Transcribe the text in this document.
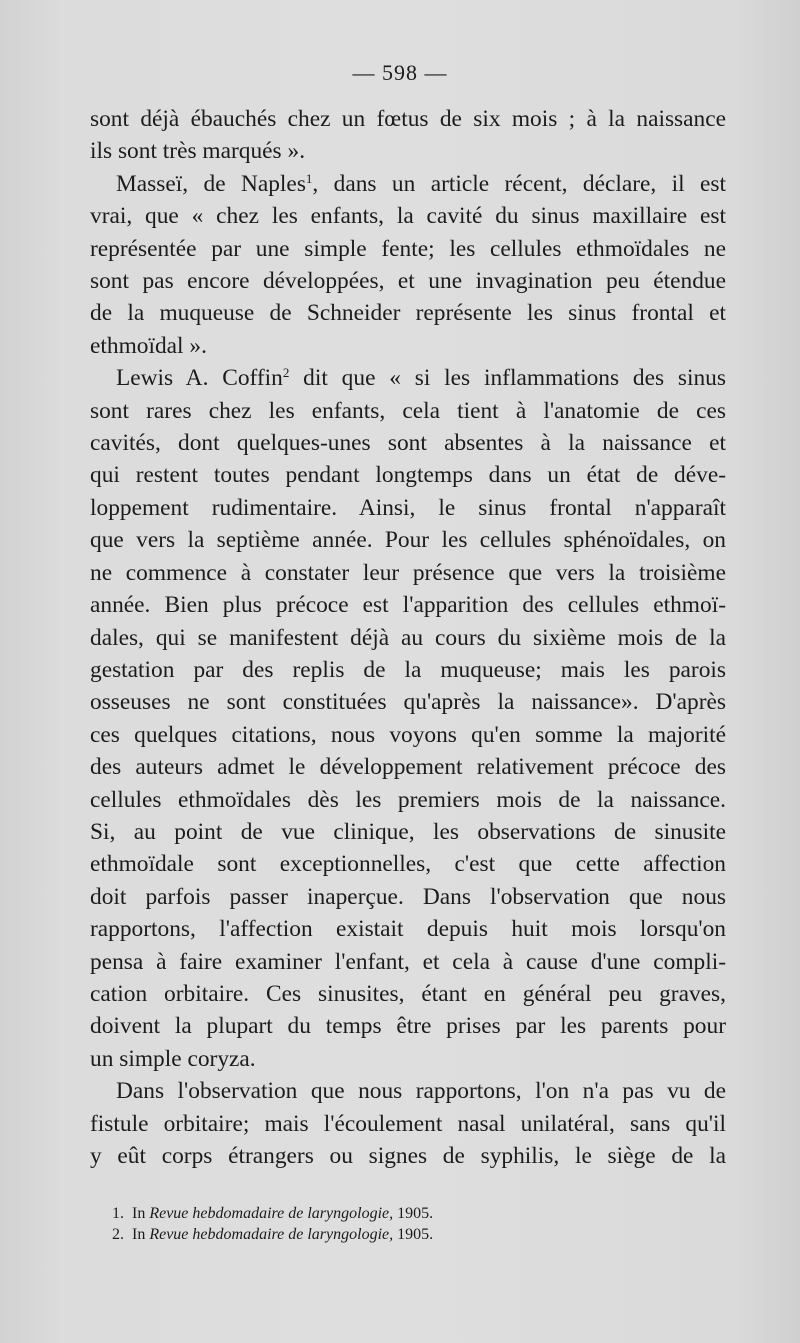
— 598 —

sont déjà ébauchés chez un fœtus de six mois ; à la naissance
ils sont très marqués ».

Masseï, de Naples$^1$, dans un article récent, déclare, il est
vrai, que « chez les enfants, la cavité du sinus maxillaire est
représentée par une simple fente; les cellules ethmoïdales ne
sont pas encore développées, et une invagination peu étendue
de la muqueuse de Schneider représente les sinus frontal et
ethmoïdal ».

Lewis A. Coffin$^2$ dit que « si les inflammations des sinus
sont rares chez les enfants, cela tient à l'anatomie de ces
cavités, dont quelques-unes sont absentes à la naissance et
qui restent toutes pendant longtemps dans un état de déve-
loppement rudimentaire. Ainsi, le sinus frontal n'apparaît
que vers la septième année. Pour les cellules sphénoïdales, on
ne commence à constater leur présence que vers la troisième
année. Bien plus précoce est l'apparition des cellules ethmoï-
dales, qui se manifestent déjà au cours du sixième mois de la
gestation par des replis de la muqueuse; mais les parois
osseuses ne sont constituées qu'après la naissance». D'après
ces quelques citations, nous voyons qu'en somme la majorité
des auteurs admet le développement relativement précoce des
cellules ethmoïdales dès les premiers mois de la naissance.
Si, au point de vue clinique, les observations de sinusite
ethmoïdale sont exceptionnelles, c'est que cette affection
doit parfois passer inaperçue. Dans l'observation que nous
rapportons, l'affection existait depuis huit mois lorsqu'on
pensa à faire examiner l'enfant, et cela à cause d'une compli-
cation orbitaire. Ces sinusites, étant en général peu graves,
doivent la plupart du temps être prises par les parents pour
un simple coryza.

Dans l'observation que nous rapportons, l'on n'a pas vu de
fistule orbitaire; mais l'écoulement nasal unilatéral, sans qu'il
y eût corps étrangers ou signes de syphilis, le siège de la

1. In Revue hebdomadaire de laryngologie, 1905.
2. In Revue hebdomadaire de laryngologie, 1905.
